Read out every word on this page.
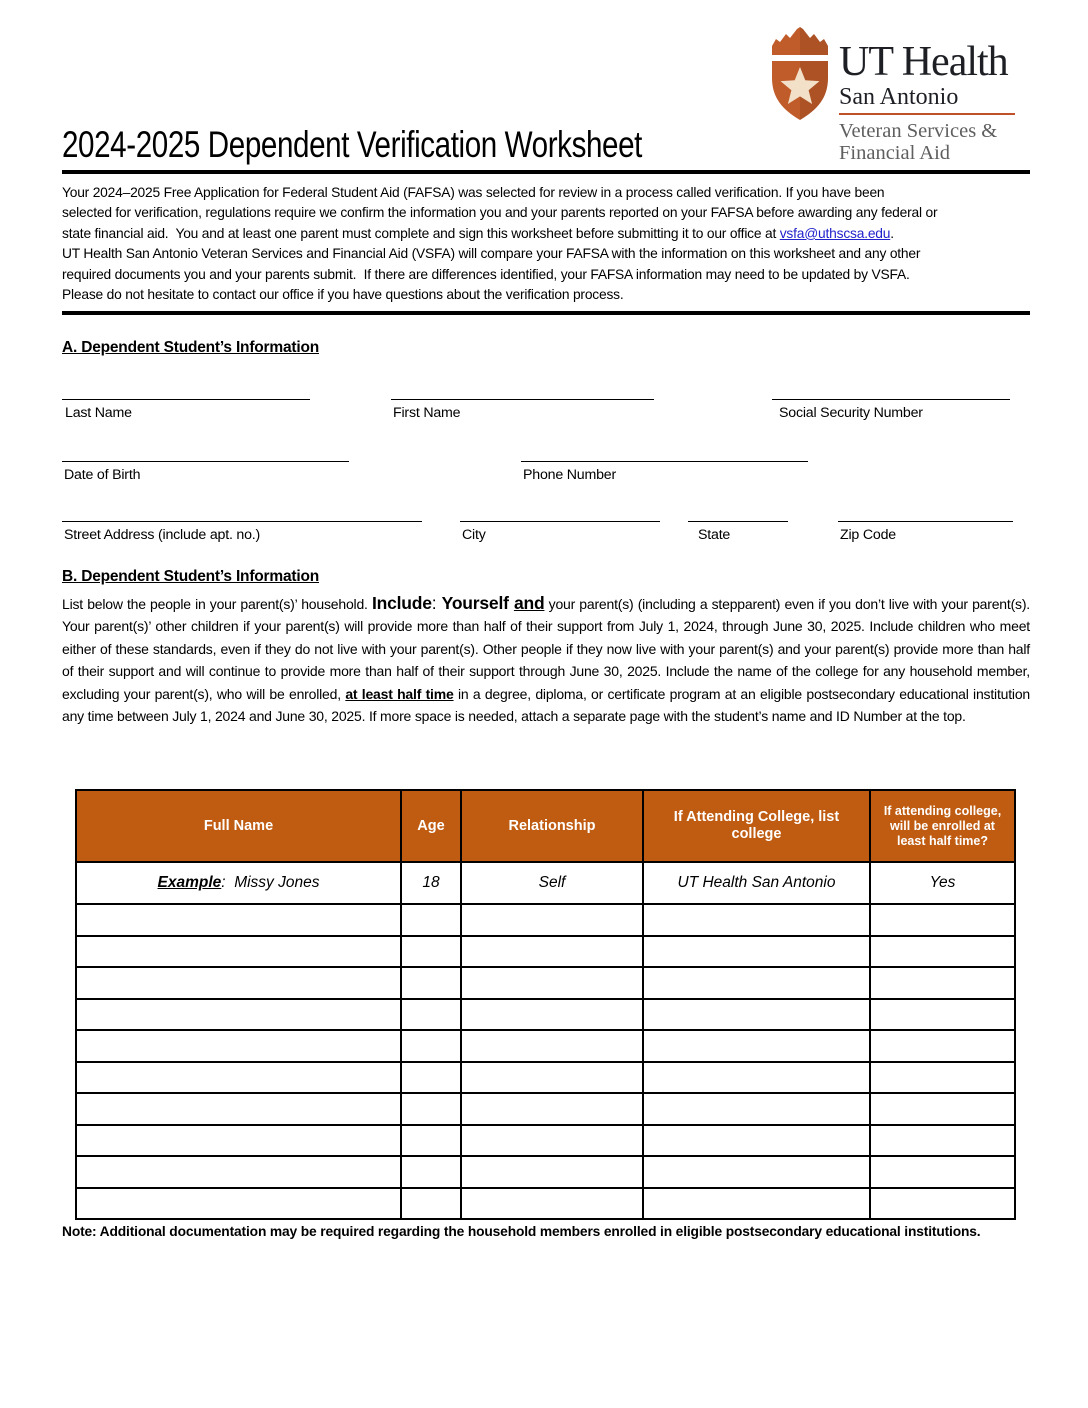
UT Health
San Antonio
Veteran Services &
Financial Aid
2024-2025 Dependent Verification Worksheet
Your 2024–2025 Free Application for Federal Student Aid (FAFSA) was selected for review in a process called verification. If you have been
selected for verification, regulations require we confirm the information you and your parents reported on your FAFSA before awarding any federal or
state financial aid.  You and at least one parent must complete and sign this worksheet before submitting it to our office at vsfa@uthscsa.edu.
UT Health San Antonio Veteran Services and Financial Aid (VSFA) will compare your FAFSA with the information on this worksheet and any other
required documents you and your parents submit.  If there are differences identified, your FAFSA information may need to be updated by VSFA.
Please do not hesitate to contact our office if you have questions about the verification process.
A. Dependent Student’s Information
Last Name	First Name	Social Security Number
Date of Birth	Phone Number
Street Address (include apt. no.)	City	State	Zip Code
B. Dependent Student’s Information
List below the people in your parent(s)’ household. Include: Yourself and your parent(s) (including a stepparent) even if you don’t live with your parent(s). Your parent(s)’ other children if your parent(s) will provide more than half of their support from July 1, 2024, through June 30, 2025. Include children who meet either of these standards, even if they do not live with your parent(s). Other people if they now live with your parent(s) and your parent(s) provide more than half of their support and will continue to provide more than half of their support through June 30, 2025. Include the name of the college for any household member, excluding your parent(s), who will be enrolled, at least half time in a degree, diploma, or certificate program at an eligible postsecondary educational institution any time between July 1, 2024 and June 30, 2025. If more space is needed, attach a separate page with the student’s name and ID Number at the top.
Full Name	Age	Relationship	If Attending College, list college	If attending college, will be enrolled at least half time?
Example:  Missy Jones	18	Self	UT Health San Antonio	Yes

Note: Additional documentation may be required regarding the household members enrolled in eligible postsecondary educational institutions.
